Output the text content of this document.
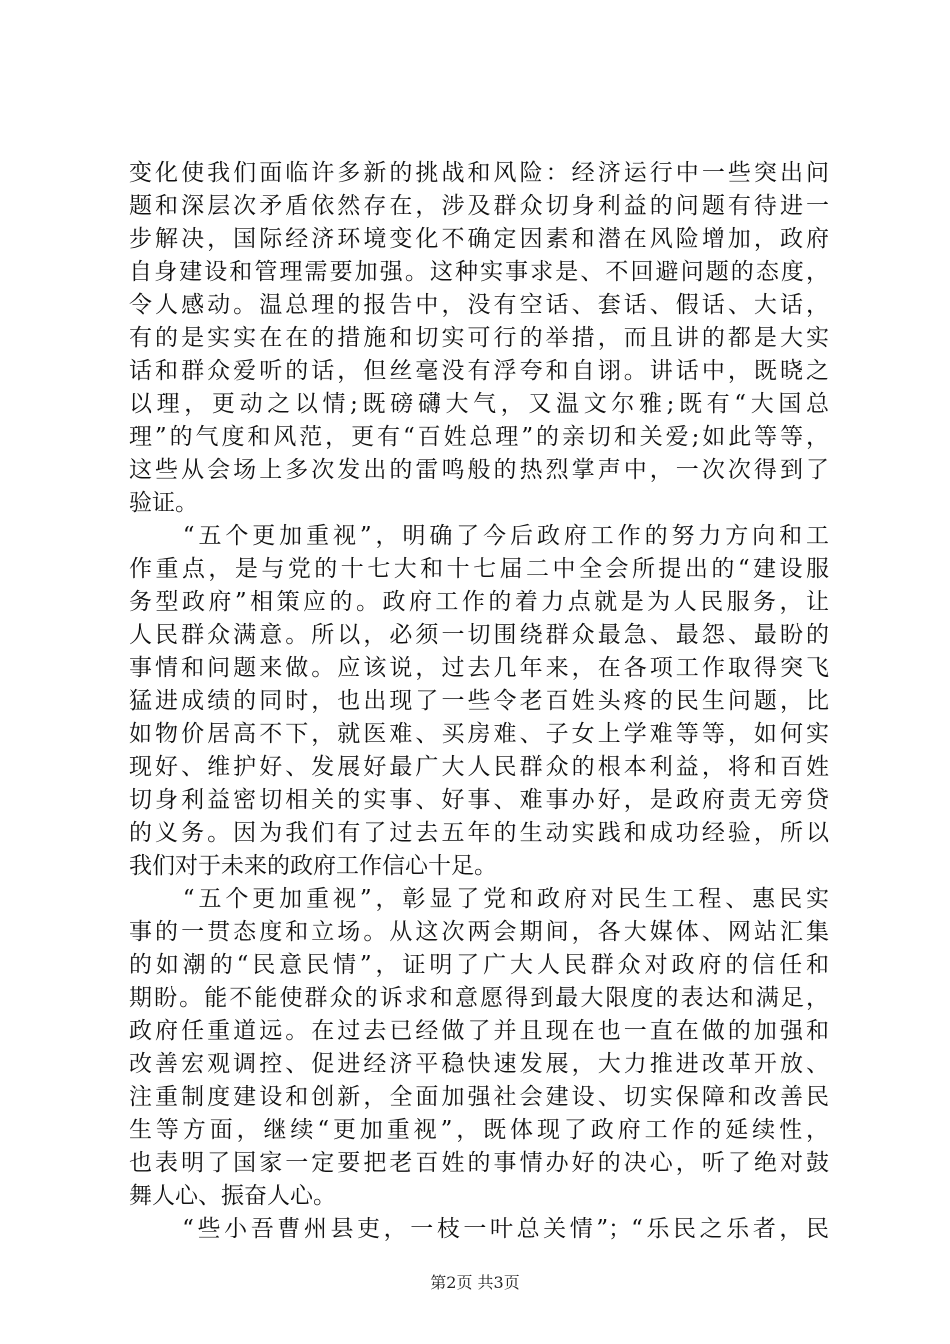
变化使我们面临许多新的挑战和风险：经济运行中一些突出问
题和深层次矛盾依然存在，涉及群众切身利益的问题有待进一
步解决，国际经济环境变化不确定因素和潜在风险增加，政府
自身建设和管理需要加强。这种实事求是、不回避问题的态度，
令人感动。温总理的报告中，没有空话、套话、假话、大话，
有的是实实在在的措施和切实可行的举措，而且讲的都是大实
话和群众爱听的话，但丝毫没有浮夸和自诩。讲话中，既晓之
以理，更动之以情;既磅礴大气，又温文尔雅;既有“大国总
理”的气度和风范，更有“百姓总理”的亲切和关爱;如此等等，
这些从会场上多次发出的雷鸣般的热烈掌声中，一次次得到了
验证。
　　“五个更加重视”，明确了今后政府工作的努力方向和工
作重点，是与党的十七大和十七届二中全会所提出的“建设服
务型政府”相策应的。政府工作的着力点就是为人民服务，让
人民群众满意。所以，必须一切围绕群众最急、最怨、最盼的
事情和问题来做。应该说，过去几年来，在各项工作取得突飞
猛进成绩的同时，也出现了一些令老百姓头疼的民生问题，比
如物价居高不下，就医难、买房难、子女上学难等等，如何实
现好、维护好、发展好最广大人民群众的根本利益，将和百姓
切身利益密切相关的实事、好事、难事办好，是政府责无旁贷
的义务。因为我们有了过去五年的生动实践和成功经验，所以
我们对于未来的政府工作信心十足。
　　“五个更加重视”，彰显了党和政府对民生工程、惠民实
事的一贯态度和立场。从这次两会期间，各大媒体、网站汇集
的如潮的“民意民情”，证明了广大人民群众对政府的信任和
期盼。能不能使群众的诉求和意愿得到最大限度的表达和满足，
政府任重道远。在过去已经做了并且现在也一直在做的加强和
改善宏观调控、促进经济平稳快速发展，大力推进改革开放、
注重制度建设和创新，全面加强社会建设、切实保障和改善民
生等方面，继续“更加重视”，既体现了政府工作的延续性，
也表明了国家一定要把老百姓的事情办好的决心，听了绝对鼓
舞人心、振奋人心。
　　“些小吾曹州县吏，一枝一叶总关情”；“乐民之乐者，民
第2页 共3页
